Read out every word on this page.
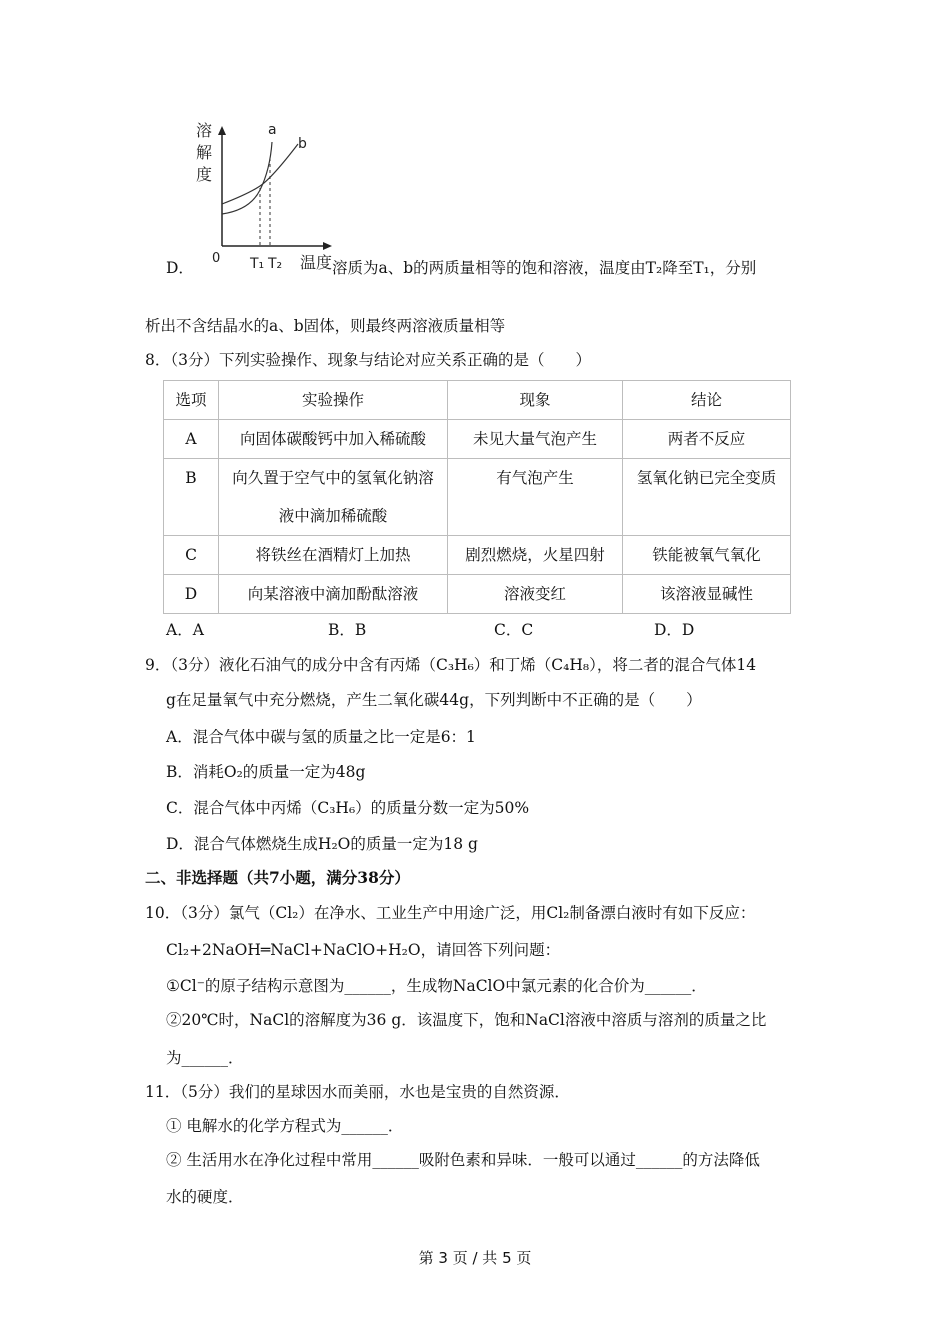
溶
解
度
a
b
0 T₁ T₂ 温度
D．	溶质为a、b的两质量相等的饱和溶液，温度由T₂降至T₁，分别
析出不含结晶水的a、b固体，则最终两溶液质量相等
8．（3分）下列实验操作、现象与结论对应关系正确的是（　　）
选项	实验操作	现象	结论
A	向固体碳酸钙中加入稀硫酸	未见大量气泡产生	两者不反应
B	向久置于空气中的氢氧化钠溶
液中滴加稀硫酸	有气泡产生	氢氧化钠已完全变质
C	将铁丝在酒精灯上加热	剧烈燃烧，火星四射	铁能被氧气氧化
D	向某溶液中滴加酚酞溶液	溶液变红	该溶液显碱性
A．A	B．B	C．C	D．D
9．（3分）液化石油气的成分中含有丙烯（C₃H₆）和丁烯（C₄H₈），将二者的混合气体14
g在足量氧气中充分燃烧，产生二氧化碳44g，下列判断中不正确的是（　　）
A．混合气体中碳与氢的质量之比一定是6：1
B．消耗O₂的质量一定为48g
C．混合气体中丙烯（C₃H₆）的质量分数一定为50%
D．混合气体燃烧生成H₂O的质量一定为18 g
二、非选择题（共7小题，满分38分）
10．（3分）氯气（Cl₂）在净水、工业生产中用途广泛，用Cl₂制备漂白液时有如下反应：
Cl₂+2NaOH═NaCl+NaClO+H₂O，请回答下列问题：
①Cl⁻的原子结构示意图为______，生成物NaClO中氯元素的化合价为______．
②20℃时，NaCl的溶解度为36 g．该温度下，饱和NaCl溶液中溶质与溶剂的质量之比
为______．
11．（5分）我们的星球因水而美丽，水也是宝贵的自然资源．
① 电解水的化学方程式为______．
② 生活用水在净化过程中常用______吸附色素和异味．一般可以通过______的方法降低
水的硬度．
第 3 页 / 共 5 页
